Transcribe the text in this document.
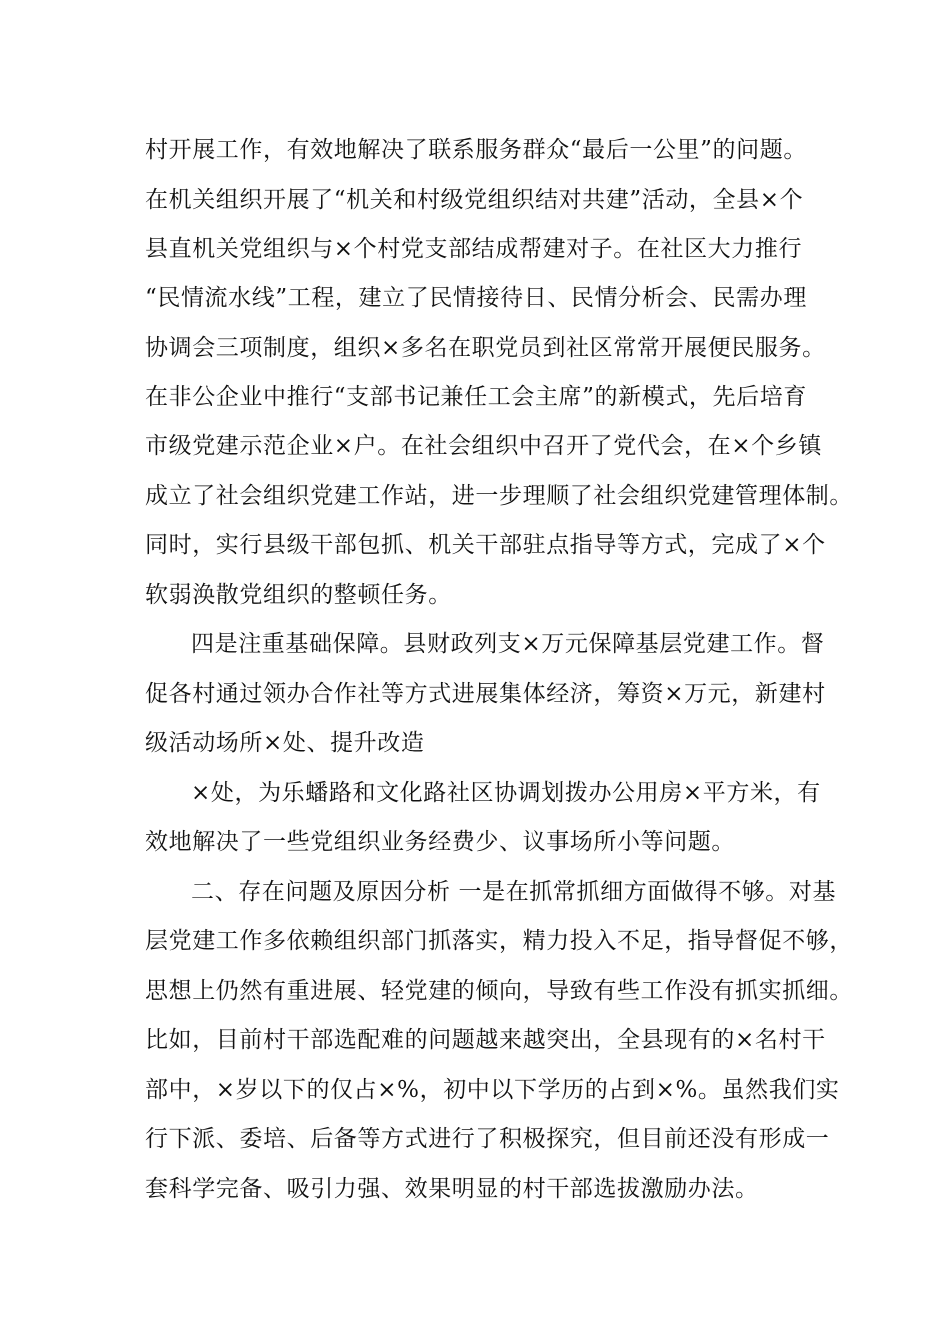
村开展工作，有效地解决了联系服务群众“最后一公里”的问题。
在机关组织开展了“机关和村级党组织结对共建”活动，全县×个
县直机关党组织与×个村党支部结成帮建对子。在社区大力推行
“民情流水线”工程，建立了民情接待日、民情分析会、民需办理
协调会三项制度，组织×多名在职党员到社区常常开展便民服务。
在非公企业中推行“支部书记兼任工会主席”的新模式，先后培育
市级党建示范企业×户。在社会组织中召开了党代会，在×个乡镇
成立了社会组织党建工作站，进一步理顺了社会组织党建管理体制。
同时，实行县级干部包抓、机关干部驻点指导等方式，完成了×个
软弱涣散党组织的整顿任务。
四是注重基础保障。县财政列支×万元保障基层党建工作。督
促各村通过领办合作社等方式进展集体经济，筹资×万元，新建村
级活动场所×处、提升改造
×处，为乐蟠路和文化路社区协调划拨办公用房×平方米，有
效地解决了一些党组织业务经费少、议事场所小等问题。
二、存在问题及原因分析 一是在抓常抓细方面做得不够。对基
层党建工作多依赖组织部门抓落实，精力投入不足，指导督促不够，
思想上仍然有重进展、轻党建的倾向，导致有些工作没有抓实抓细。
比如，目前村干部选配难的问题越来越突出，全县现有的×名村干
部中，×岁以下的仅占×%，初中以下学历的占到×%。虽然我们实
行下派、委培、后备等方式进行了积极探究，但目前还没有形成一
套科学完备、吸引力强、效果明显的村干部选拔激励办法。
